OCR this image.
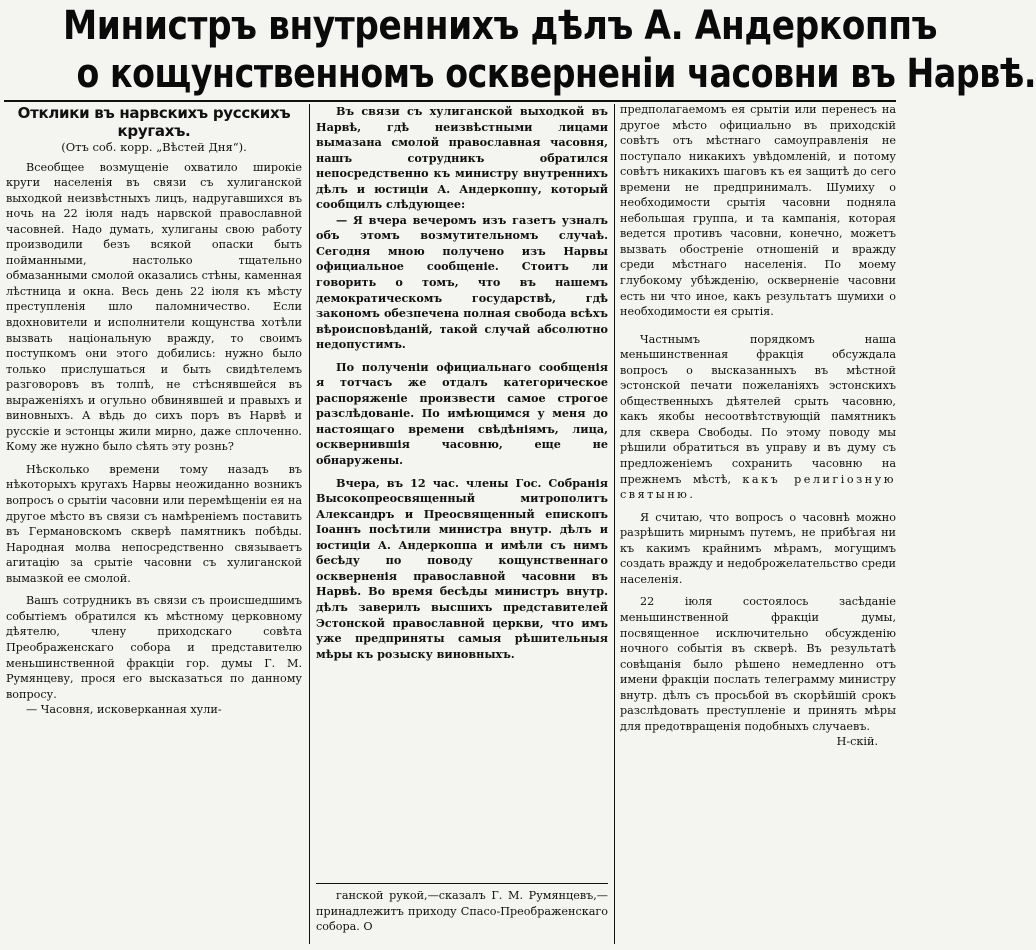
Министръ внутреннихъ дѣлъ А. Андеркоппъ
о кощунственномъ оскверненіи часовни въ Нарвѣ.

Отклики въ нарвскихъ русскихъ кругахъ.

(Отъ соб. корр. „Вѣстей Дня“).

Всеобщее возмущеніе охватило широкіе круги населенія въ связи съ хулиганской выходкой неизвѣстныхъ лицъ, надругавшихся въ ночь на 22 іюля надъ нарвской православной часовней. Надо думать, хулиганы свою работу производили безъ всякой опаски быть пойманными, настолько тщательно обмазанными смолой оказались стѣны, каменная лѣстница и окна. Весь день 22 іюля къ мѣсту преступленія шло паломничество. Если вдохновители и исполнители кощунства хотѣли вызвать національную вражду, то своимъ поступкомъ они этого добились: нужно было только прислушаться и быть свидѣтелемъ разговоровъ въ толпѣ, не стѣснявшейся въ выраженіяхъ и огульно обвинявшей и правыхъ и виновныхъ. А вѣдь до сихъ поръ въ Нарвѣ и русскіе и эстонцы жили мирно, даже сплоченно. Кому же нужно было сѣять эту рознь?

Нѣсколько времени тому назадъ въ нѣкоторыхъ кругахъ Нарвы неожиданно возникъ вопросъ о срытіи часовни или перемѣщеніи ея на другое мѣсто въ связи съ намѣреніемъ поставить въ Германовскомъ скверѣ памятникъ побѣды. Народная молва непосредственно связываетъ агитацію за срытіе часовни съ хулиганской вымазкой ее смолой.

Вашъ сотрудникъ въ связи съ происшедшимъ событіемъ обратился къ мѣстному церковному дѣятелю, члену приходскаго совѣта Преображенскаго собора и представителю меньшинственной фракціи гор. думы Г. М. Румянцеву, прося его высказаться по данному вопросу.

— Часовня, исковерканная хули-

Въ связи съ хулиганской выходкой въ Нарвѣ, гдѣ неизвѣстными лицами вымазана смолой православная часовня, нашъ сотрудникъ обратился непосредственно къ министру внутреннихъ дѣлъ и юстиціи А. Андеркоппу, который сообщилъ слѣдующее:

— Я вчера вечеромъ изъ газетъ узналъ объ этомъ возмутительномъ случаѣ. Сегодня мною получено изъ Нарвы официальное сообщеніе. Стоитъ ли говорить о томъ, что въ нашемъ демократическомъ государствѣ, гдѣ закономъ обезпечена полная свобода всѣхъ вѣроисповѣданій, такой случай абсолютно недопустимъ.

По полученіи официальнаго сообщенія я тотчасъ же отдалъ категорическое распоряженіе произвести самое строгое разслѣдованіе. По имѣющимся у меня до настоящаго времени свѣдѣніямъ, лица, осквернившія часовню, еще не обнаружены.

Вчера, въ 12 час. члены Гос. Собранія Высокопреосвященный митрополитъ Александръ и Преосвященный епископъ Іоаннъ посѣтили министра внутр. дѣлъ и юстиціи А. Андеркоппа и имѣли съ нимъ бесѣду по поводу кощунственнаго оскверненія православной часовни въ Нарвѣ. Во время бесѣды министръ внутр. дѣлъ заверилъ высшихъ представителей Эстонской православной церкви, что имъ уже предприняты самыя рѣшительныя мѣры къ розыску виновныхъ.

ганской рукой,—сказалъ Г. М. Румянцевъ,— принадлежитъ приходу Спасо-Преображенскаго собора. О

предполагаемомъ ея срытіи или перенесъ на другое мѣсто официально въ приходскій совѣтъ отъ мѣстнаго самоуправленія не поступало никакихъ увѣдомленій, и потому совѣтъ никакихъ шаговъ къ ея защитѣ до сего времени не предпринималъ. Шумиху о необходимости срытія часовни подняла небольшая группа, и та кампанія, которая ведется противъ часовни, конечно, можетъ вызвать обостреніе отношеній и вражду среди мѣстнаго населенія. По моему глубокому убѣжденію, оскверненіе часовни есть ни что иное, какъ результатъ шумихи о необходимости ея срытія.

Частнымъ порядкомъ наша меньшинственная фракція обсуждала вопросъ о высказанныхъ въ мѣстной эстонской печати пожеланіяхъ эстонскихъ общественныхъ дѣятелей срыть часовню, какъ якобы несоотвѣтствующій памятникъ для сквера Свободы. По этому поводу мы рѣшили обратиться въ управу и въ думу съ предложеніемъ сохранить часовню на прежнемъ мѣстѣ, какъ религіозную святыню.

Я считаю, что вопросъ о часовнѣ можно разрѣшить мирнымъ путемъ, не прибѣгая ни къ какимъ крайнимъ мѣрамъ, могущимъ создать вражду и недоброжелательство среди населенія.

22 іюля состоялось засѣданіе меньшинственной фракціи думы, посвященное исключительно обсужденію ночного событія въ скверѣ. Въ результатѣ совѣщанія было рѣшено немедленно отъ имени фракціи послать телеграмму министру внутр. дѣлъ съ просьбой въ скорѣйшій срокъ разслѣдовать преступленіе и принять мѣры для предотвращенія подобныхъ случаевъ.

Н-скій.
